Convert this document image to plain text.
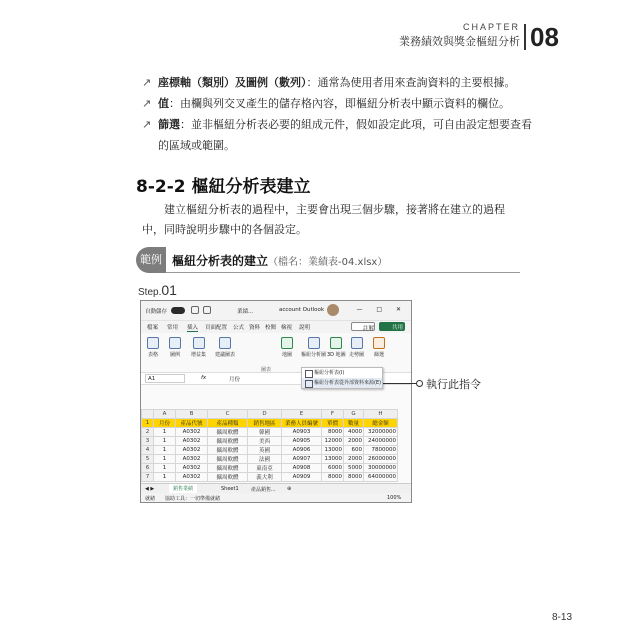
CHAPTER
業務績效與獎金樞紐分析 08
↗ 座標軸（類別）及圖例（數列）：通常為使用者用來查詢資料的主要根據。
↗ 值：由欄與列交叉產生的儲存格內容，即樞紐分析表中顯示資料的欄位。
↗ 篩選：並非樞紐分析表必要的組成元件，假如設定此項，可自由設定想要查看的區域或範圍。
8-2-2 樞紐分析表建立
建立樞紐分析表的過程中，主要會出現三個步驟，接著將在建立的過程中，同時說明步驟中的各個設定。
範例 樞紐分析表的建立（檔名：業績表-04.xlsx）
Step.01
自動儲存	業績...	account Outlook	— □ ✕
檔案 常用 插入 頁面配置 公式 資料 校閱 檢視 說明	註解	共用
表格 圖例 增益集 建議圖表	地圖 樞紐分析圖 3D 地圖 走勢圖 篩選
圖表
A1	fx	月份
樞紐分析表(I)
樞紐分析表從外部資料來源(E)
	A	B	C	D	E	F	G	H
1	月份	產品代號	產品種類	銷售地區	業務人員編號	單價	數量	總金額
2	1	A0302	攝周軟體	韓國	A0903	8000	4000	32000000
3	1	A0302	攝周軟體	美西	A0905	12000	2000	24000000
4	1	A0302	攝周軟體	英國	A0906	13000	600	7800000
5	1	A0302	攝周軟體	法國	A0907	13000	2000	26000000
6	1	A0302	攝周軟體	東南亞	A0908	6000	5000	30000000
7	1	A0302	攝周軟體	義大利	A0909	8000	8000	64000000
◀ ▶	銷售業績	Sheet1 產品銷售... ⊕
就緒 協助工具：一切準備就緒	100%
執行此指令
8-13
